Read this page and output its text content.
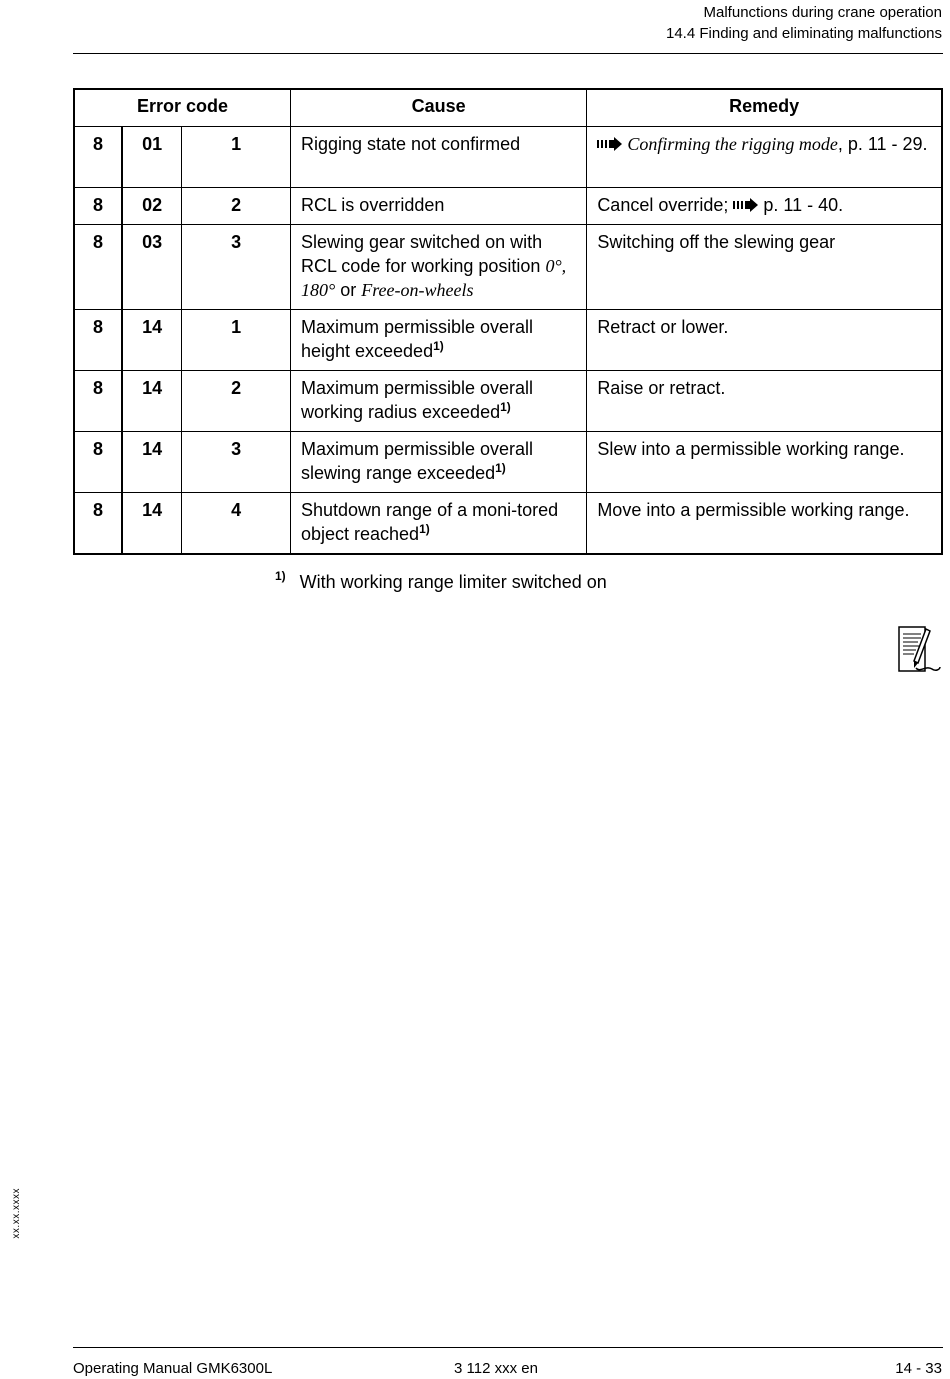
Malfunctions during crane operation
14.4 Finding and eliminating malfunctions
Error code			Cause	Remedy
8	01	1	Rigging state not confirmed	Confirming the rigging mode, p. 11 - 29.
8	02	2	RCL is overridden	Cancel override; p. 11 - 40.
8	03	3	Slewing gear switched on with RCL code for working position 0°, 180° or Free-on-wheels	Switching off the slewing gear
8	14	1	Maximum permissible overall height exceeded$^{1)}$	Retract or lower.
8	14	2	Maximum permissible overall working radius exceeded$^{1)}$	Raise or retract.
8	14	3	Maximum permissible overall slewing range exceeded$^{1)}$	Slew into a permissible working range.
8	14	4	Shutdown range of a moni-tored object reached$^{1)}$	Move into a permissible working range.
$^{1)}$ With working range limiter switched on
xx.xx.xxxx
Operating Manual GMK6300L	3 112 xxx en	14 - 33
